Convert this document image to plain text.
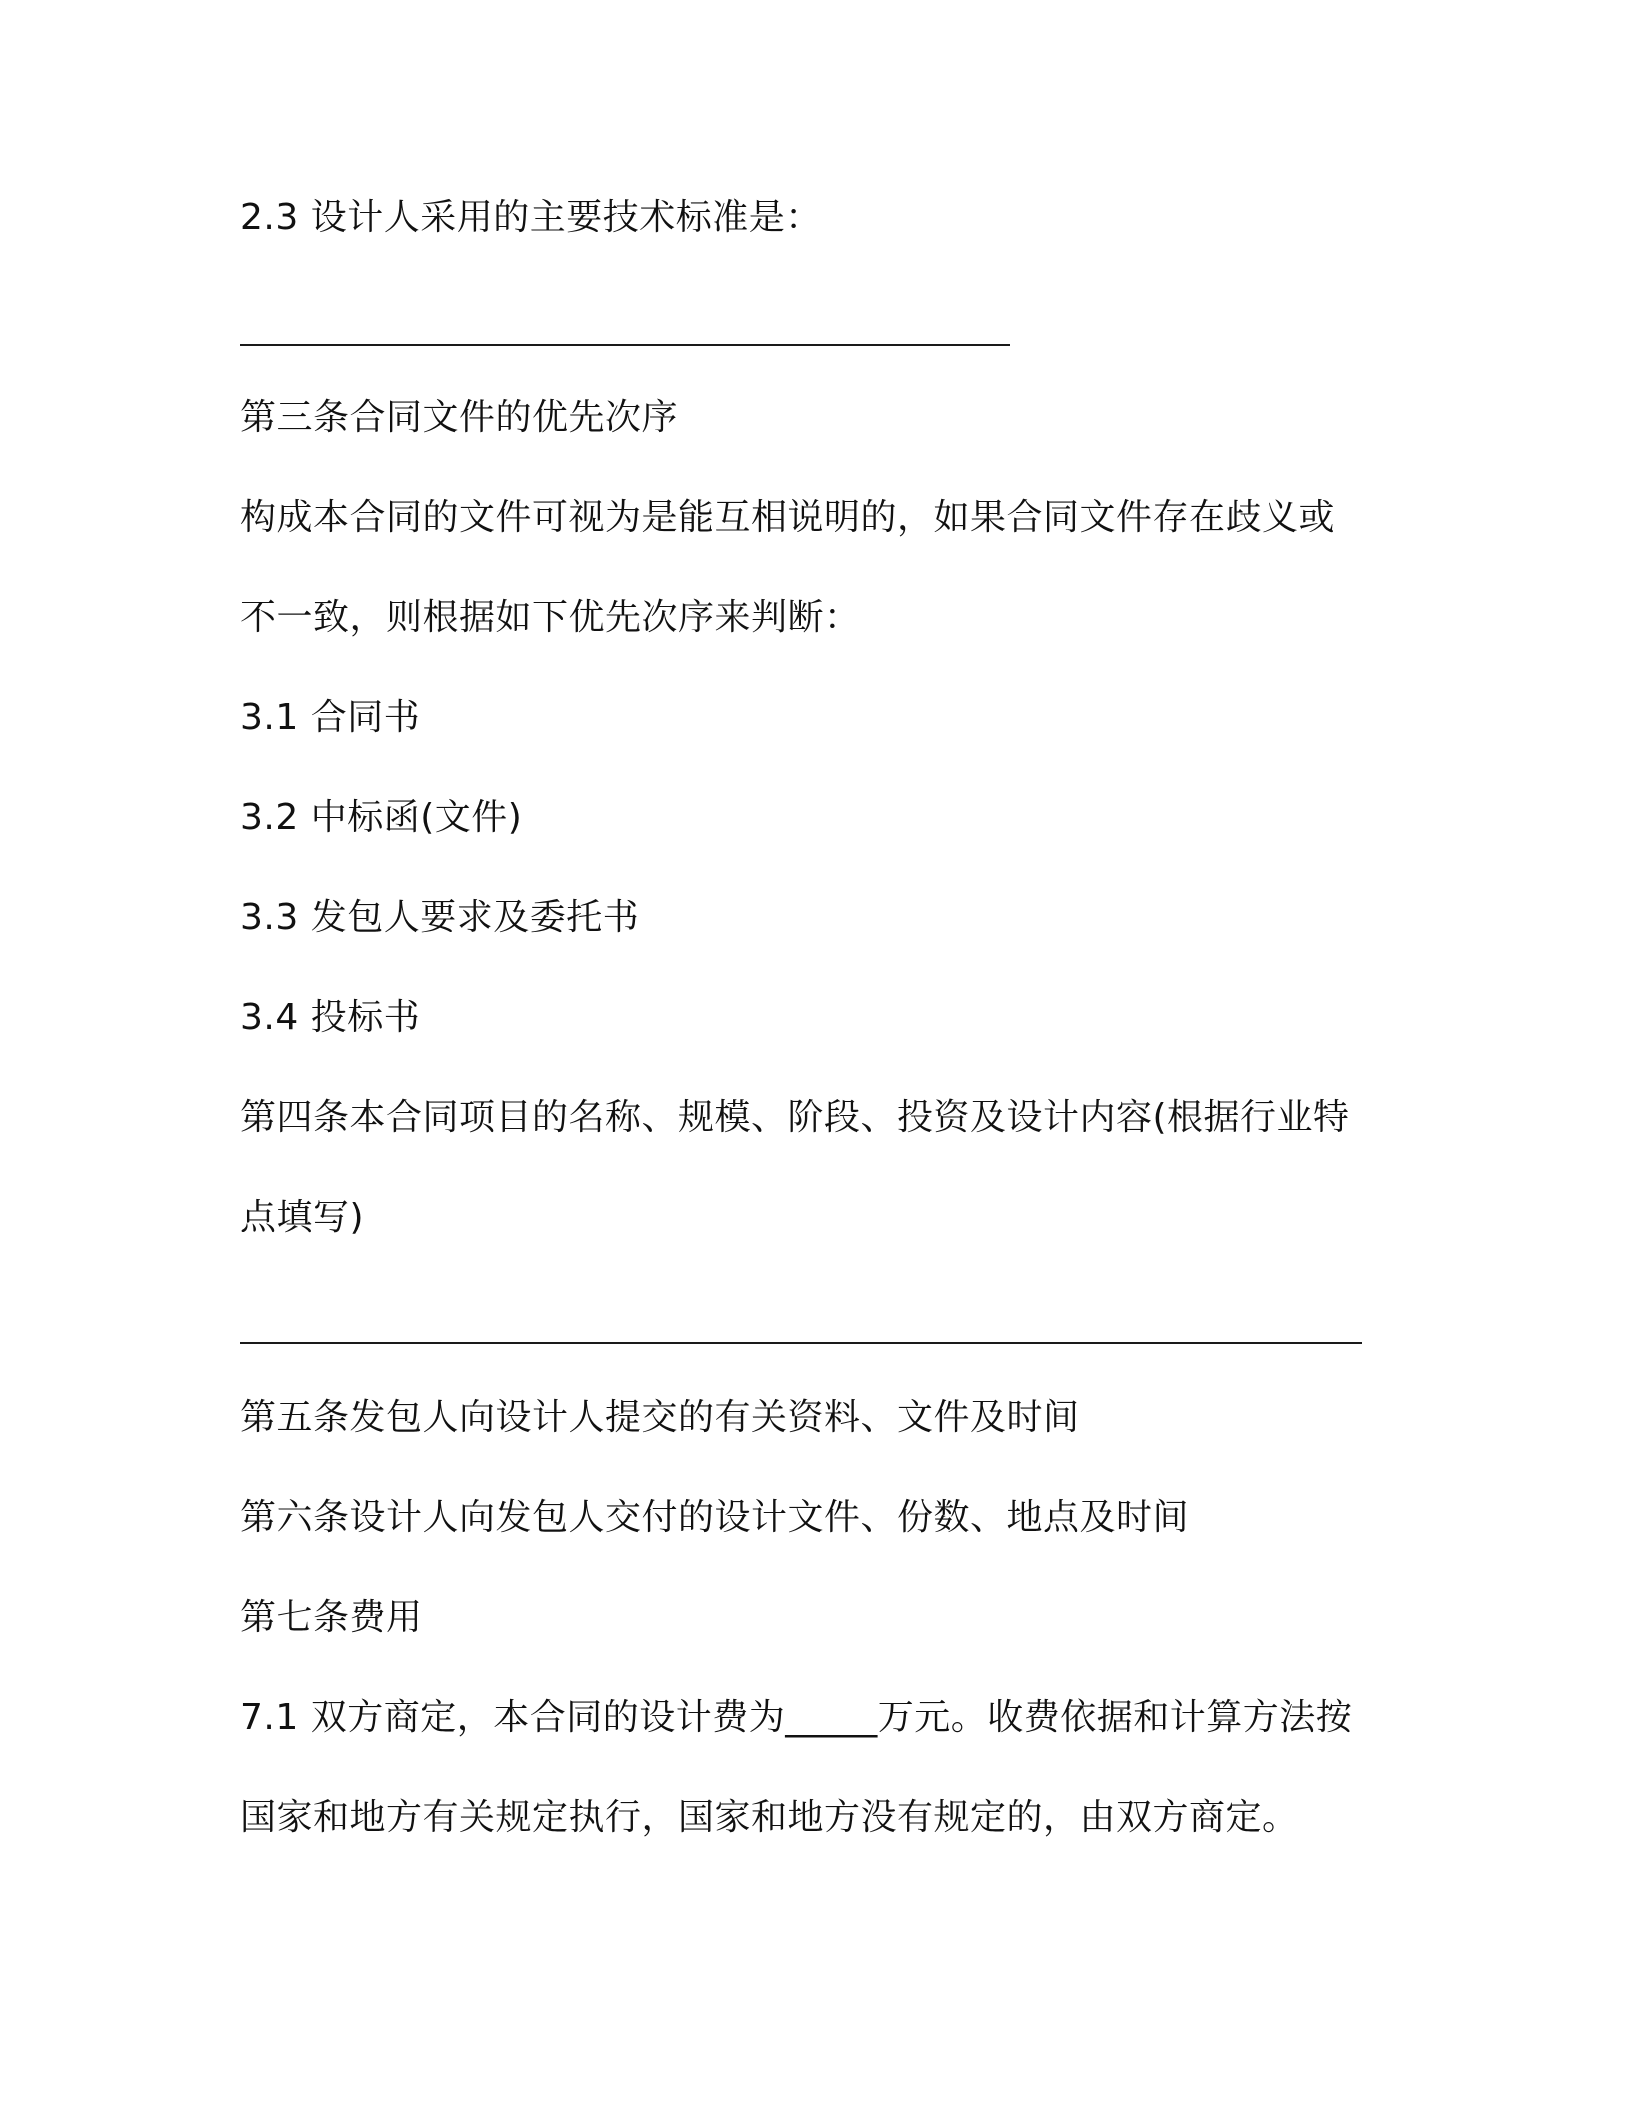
2.3 设计人采用的主要技术标准是：
第三条合同文件的优先次序
构成本合同的文件可视为是能互相说明的，如果合同文件存在歧义或
不一致，则根据如下优先次序来判断：
3.1 合同书
3.2 中标函(文件)
3.3 发包人要求及委托书
3.4 投标书
第四条本合同项目的名称、规模、阶段、投资及设计内容(根据行业特
点填写)
第五条发包人向设计人提交的有关资料、文件及时间
第六条设计人向发包人交付的设计文件、份数、地点及时间
第七条费用
7.1 双方商定，本合同的设计费为_____万元。收费依据和计算方法按
国家和地方有关规定执行，国家和地方没有规定的，由双方商定。
